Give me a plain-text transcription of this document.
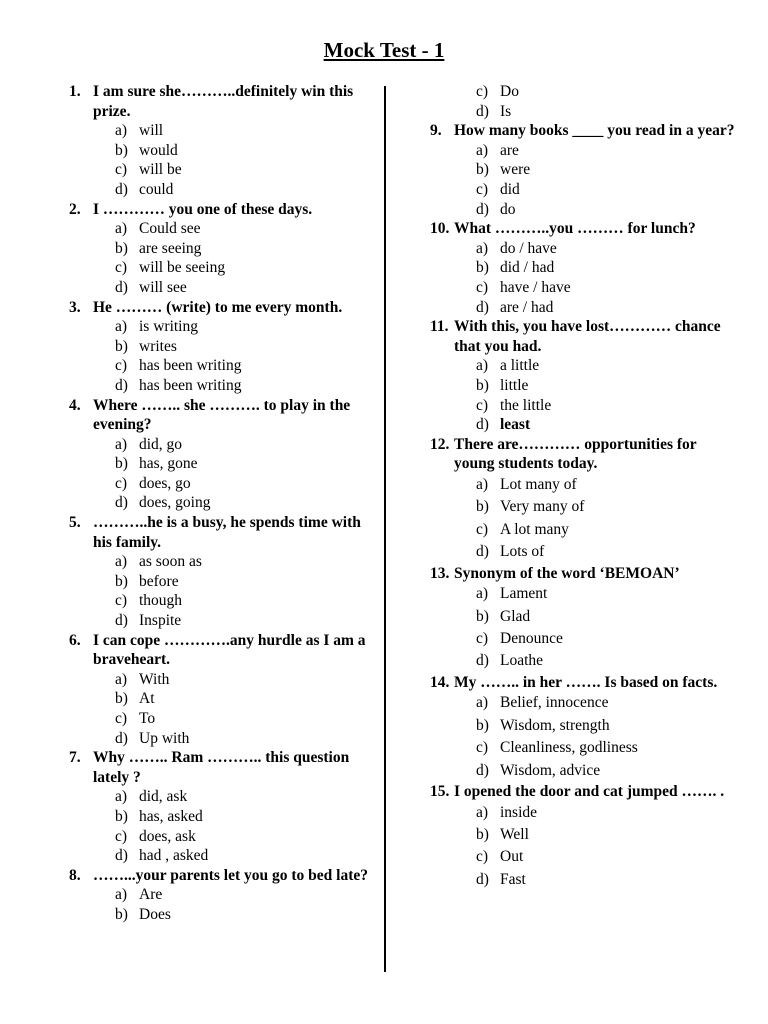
Mock Test - 1
1. I am sure she………..definitely win this prize.
a) will
b) would
c) will be
d) could
2. I ………… you one of these days.
a) Could see
b) are seeing
c) will be seeing
d) will see
3. He ……… (write) to me every month.
a) is writing
b) writes
c) has been writing
d) has been writing
4. Where …….. she ………. to play in the evening?
a) did, go
b) has, gone
c) does, go
d) does, going
5. ………..he is a busy, he spends time with his family.
a) as soon as
b) before
c) though
d) Inspite
6. I can cope ………….any hurdle as I am a braveheart.
a) With
b) At
c) To
d) Up with
7. Why …….. Ram ……….. this question lately ?
a) did, ask
b) has, asked
c) does, ask
d) had , asked
8. ……...your parents let you go to bed late?
a) Are
b) Does
c) Do
d) Is
9. How many books ____ you read in a year?
a) are
b) were
c) did
d) do
10. What ………..you ……… for lunch?
a) do / have
b) did / had
c) have / have
d) are / had
11. With this, you have lost………… chance that you had.
a) a little
b) little
c) the little
d) least
12. There are………… opportunities for young students today.
a) Lot many of
b) Very many of
c) A lot many
d) Lots of
13. Synonym of the word ‘BEMOAN’
a) Lament
b) Glad
c) Denounce
d) Loathe
14. My …….. in her ……. Is based on facts.
a) Belief, innocence
b) Wisdom, strength
c) Cleanliness, godliness
d) Wisdom, advice
15. I opened the door and cat jumped ……. .
a) inside
b) Well
c) Out
d) Fast
